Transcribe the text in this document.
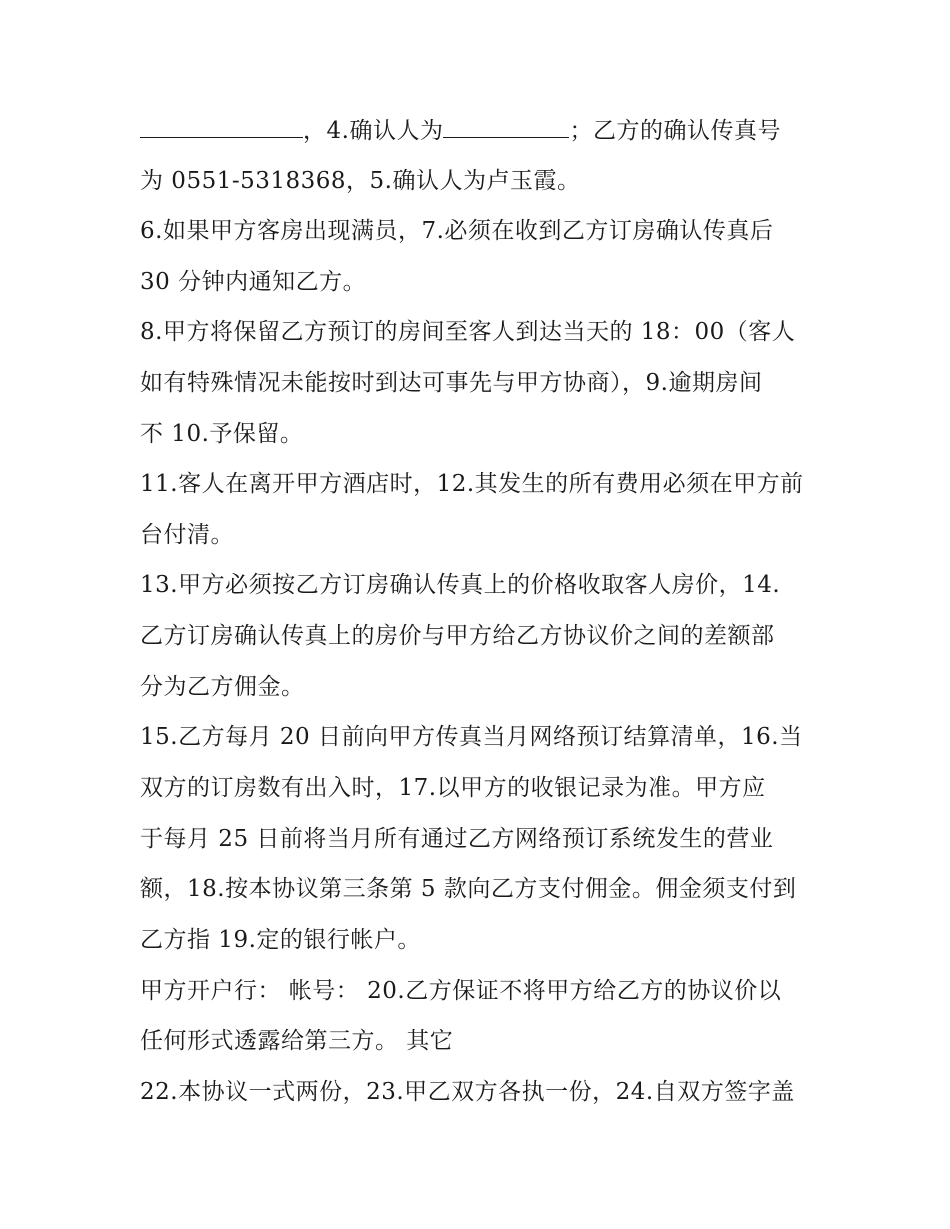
，4.确认人为	；乙方的确认传真号
为 0551-5318368，5.确认人为卢玉霞。
6.如果甲方客房出现满员，7.必须在收到乙方订房确认传真后
30 分钟内通知乙方。
8.甲方将保留乙方预订的房间至客人到达当天的 18：00（客人
如有特殊情况未能按时到达可事先与甲方协商），9.逾期房间
不 10.予保留。
11.客人在离开甲方酒店时，12.其发生的所有费用必须在甲方前
台付清。
13.甲方必须按乙方订房确认传真上的价格收取客人房价，14.
乙方订房确认传真上的房价与甲方给乙方协议价之间的差额部
分为乙方佣金。
15.乙方每月 20 日前向甲方传真当月网络预订结算清单，16.当
双方的订房数有出入时，17.以甲方的收银记录为准。甲方应
于每月 25 日前将当月所有通过乙方网络预订系统发生的营业
额，18.按本协议第三条第 5 款向乙方支付佣金。佣金须支付到
乙方指 19.定的银行帐户。
甲方开户行： 帐号： 20.乙方保证不将甲方给乙方的协议价以
任何形式透露给第三方。 其它
22.本协议一式两份，23.甲乙双方各执一份，24.自双方签字盖
